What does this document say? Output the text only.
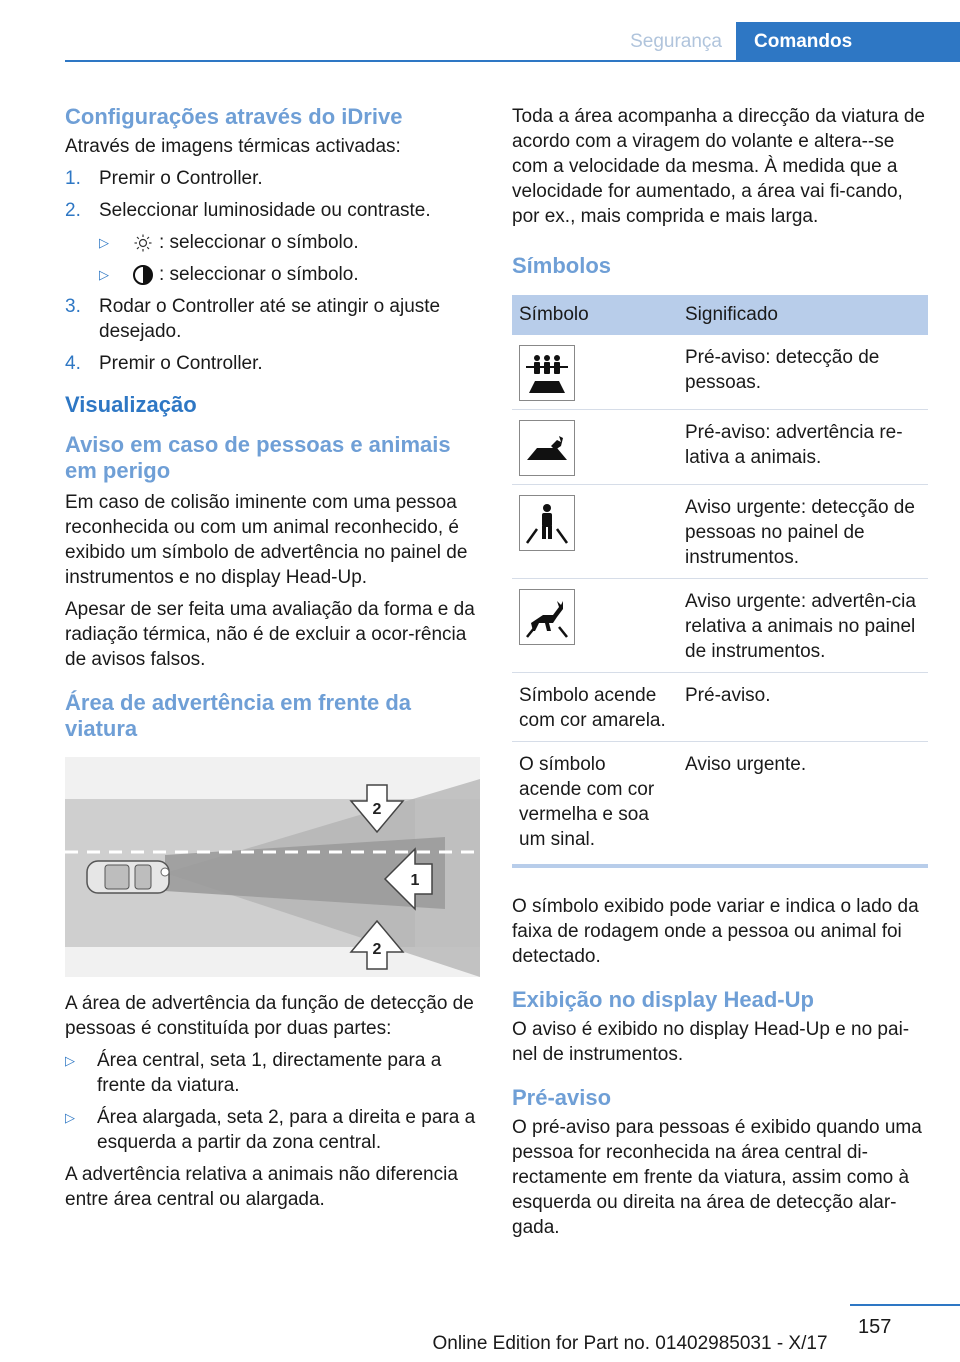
Segurança	Comandos
Configurações através do iDrive
Através de imagens térmicas activadas:
1. Premir o Controller.
2. Seleccionar luminosidade ou contraste.
▷	: seleccionar o símbolo.
▷	: seleccionar o símbolo.
3. Rodar o Controller até se atingir o ajuste desejado.
4. Premir o Controller.
Visualização
Aviso em caso de pessoas e animais em perigo
Em caso de colisão iminente com uma pessoa reconhecida ou com um animal reconhecido, é exibido um símbolo de advertência no painel de instrumentos e no display Head-Up.
Apesar de ser feita uma avaliação da forma e da radiação térmica, não é de excluir a ocor-rência de avisos falsos.
Área de advertência em frente da viatura
2
1
2
A área de advertência da função de detecção de pessoas é constituída por duas partes:
▷	Área central, seta 1, directamente para a frente da viatura.
▷	Área alargada, seta 2, para a direita e para a esquerda a partir da zona central.
A advertência relativa a animais não diferencia entre área central ou alargada.
Toda a área acompanha a direcção da viatura de acordo com a viragem do volante e altera--se com a velocidade da mesma. À medida que a velocidade for aumentado, a área vai fi-cando, por ex., mais comprida e mais larga.
Símbolos
Símbolo	Significado

	Pré-aviso: detecção de pessoas.

	Pré-aviso: advertência re-lativa a animais.

	Aviso urgente: detecção de pessoas no painel de instrumentos.

	Aviso urgente: advertên-cia relativa a animais no painel de instrumentos.
Símbolo acende com cor amarela.	Pré-aviso.
O símbolo acende com cor vermelha e soa um sinal.	Aviso urgente.
O símbolo exibido pode variar e indica o lado da faixa de rodagem onde a pessoa ou animal foi detectado.
Exibição no display Head-Up
O aviso é exibido no display Head-Up e no pai-nel de instrumentos.
Pré-aviso
O pré-aviso para pessoas é exibido quando uma pessoa for reconhecida na área central di-rectamente em frente da viatura, assim como à esquerda ou direita na área de detecção alar-gada.
157
Online Edition for Part no. 01402985031 - X/17
